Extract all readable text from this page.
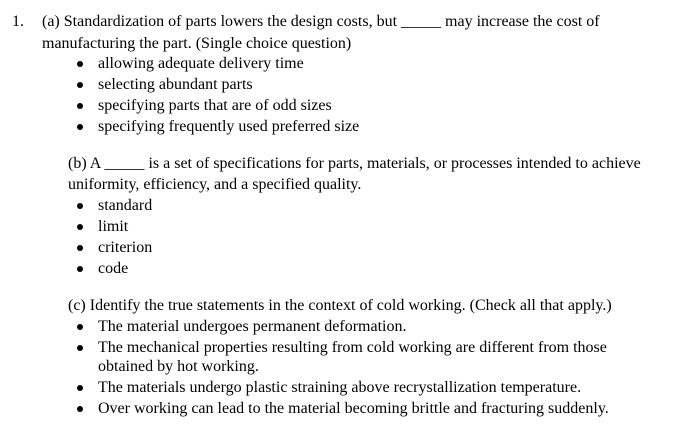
1. (a) Standardization of parts lowers the design costs, but _____ may increase the cost of
manufacturing the part. (Single choice question)
allowing adequate delivery time
selecting abundant parts
specifying parts that are of odd sizes
specifying frequently used preferred size
(b) A _____ is a set of specifications for parts, materials, or processes intended to achieve
uniformity, efficiency, and a specified quality.
standard
limit
criterion
code
(c) Identify the true statements in the context of cold working. (Check all that apply.)
The material undergoes permanent deformation.
The mechanical properties resulting from cold working are different from those
obtained by hot working.
The materials undergo plastic straining above recrystallization temperature.
Over working can lead to the material becoming brittle and fracturing suddenly.
